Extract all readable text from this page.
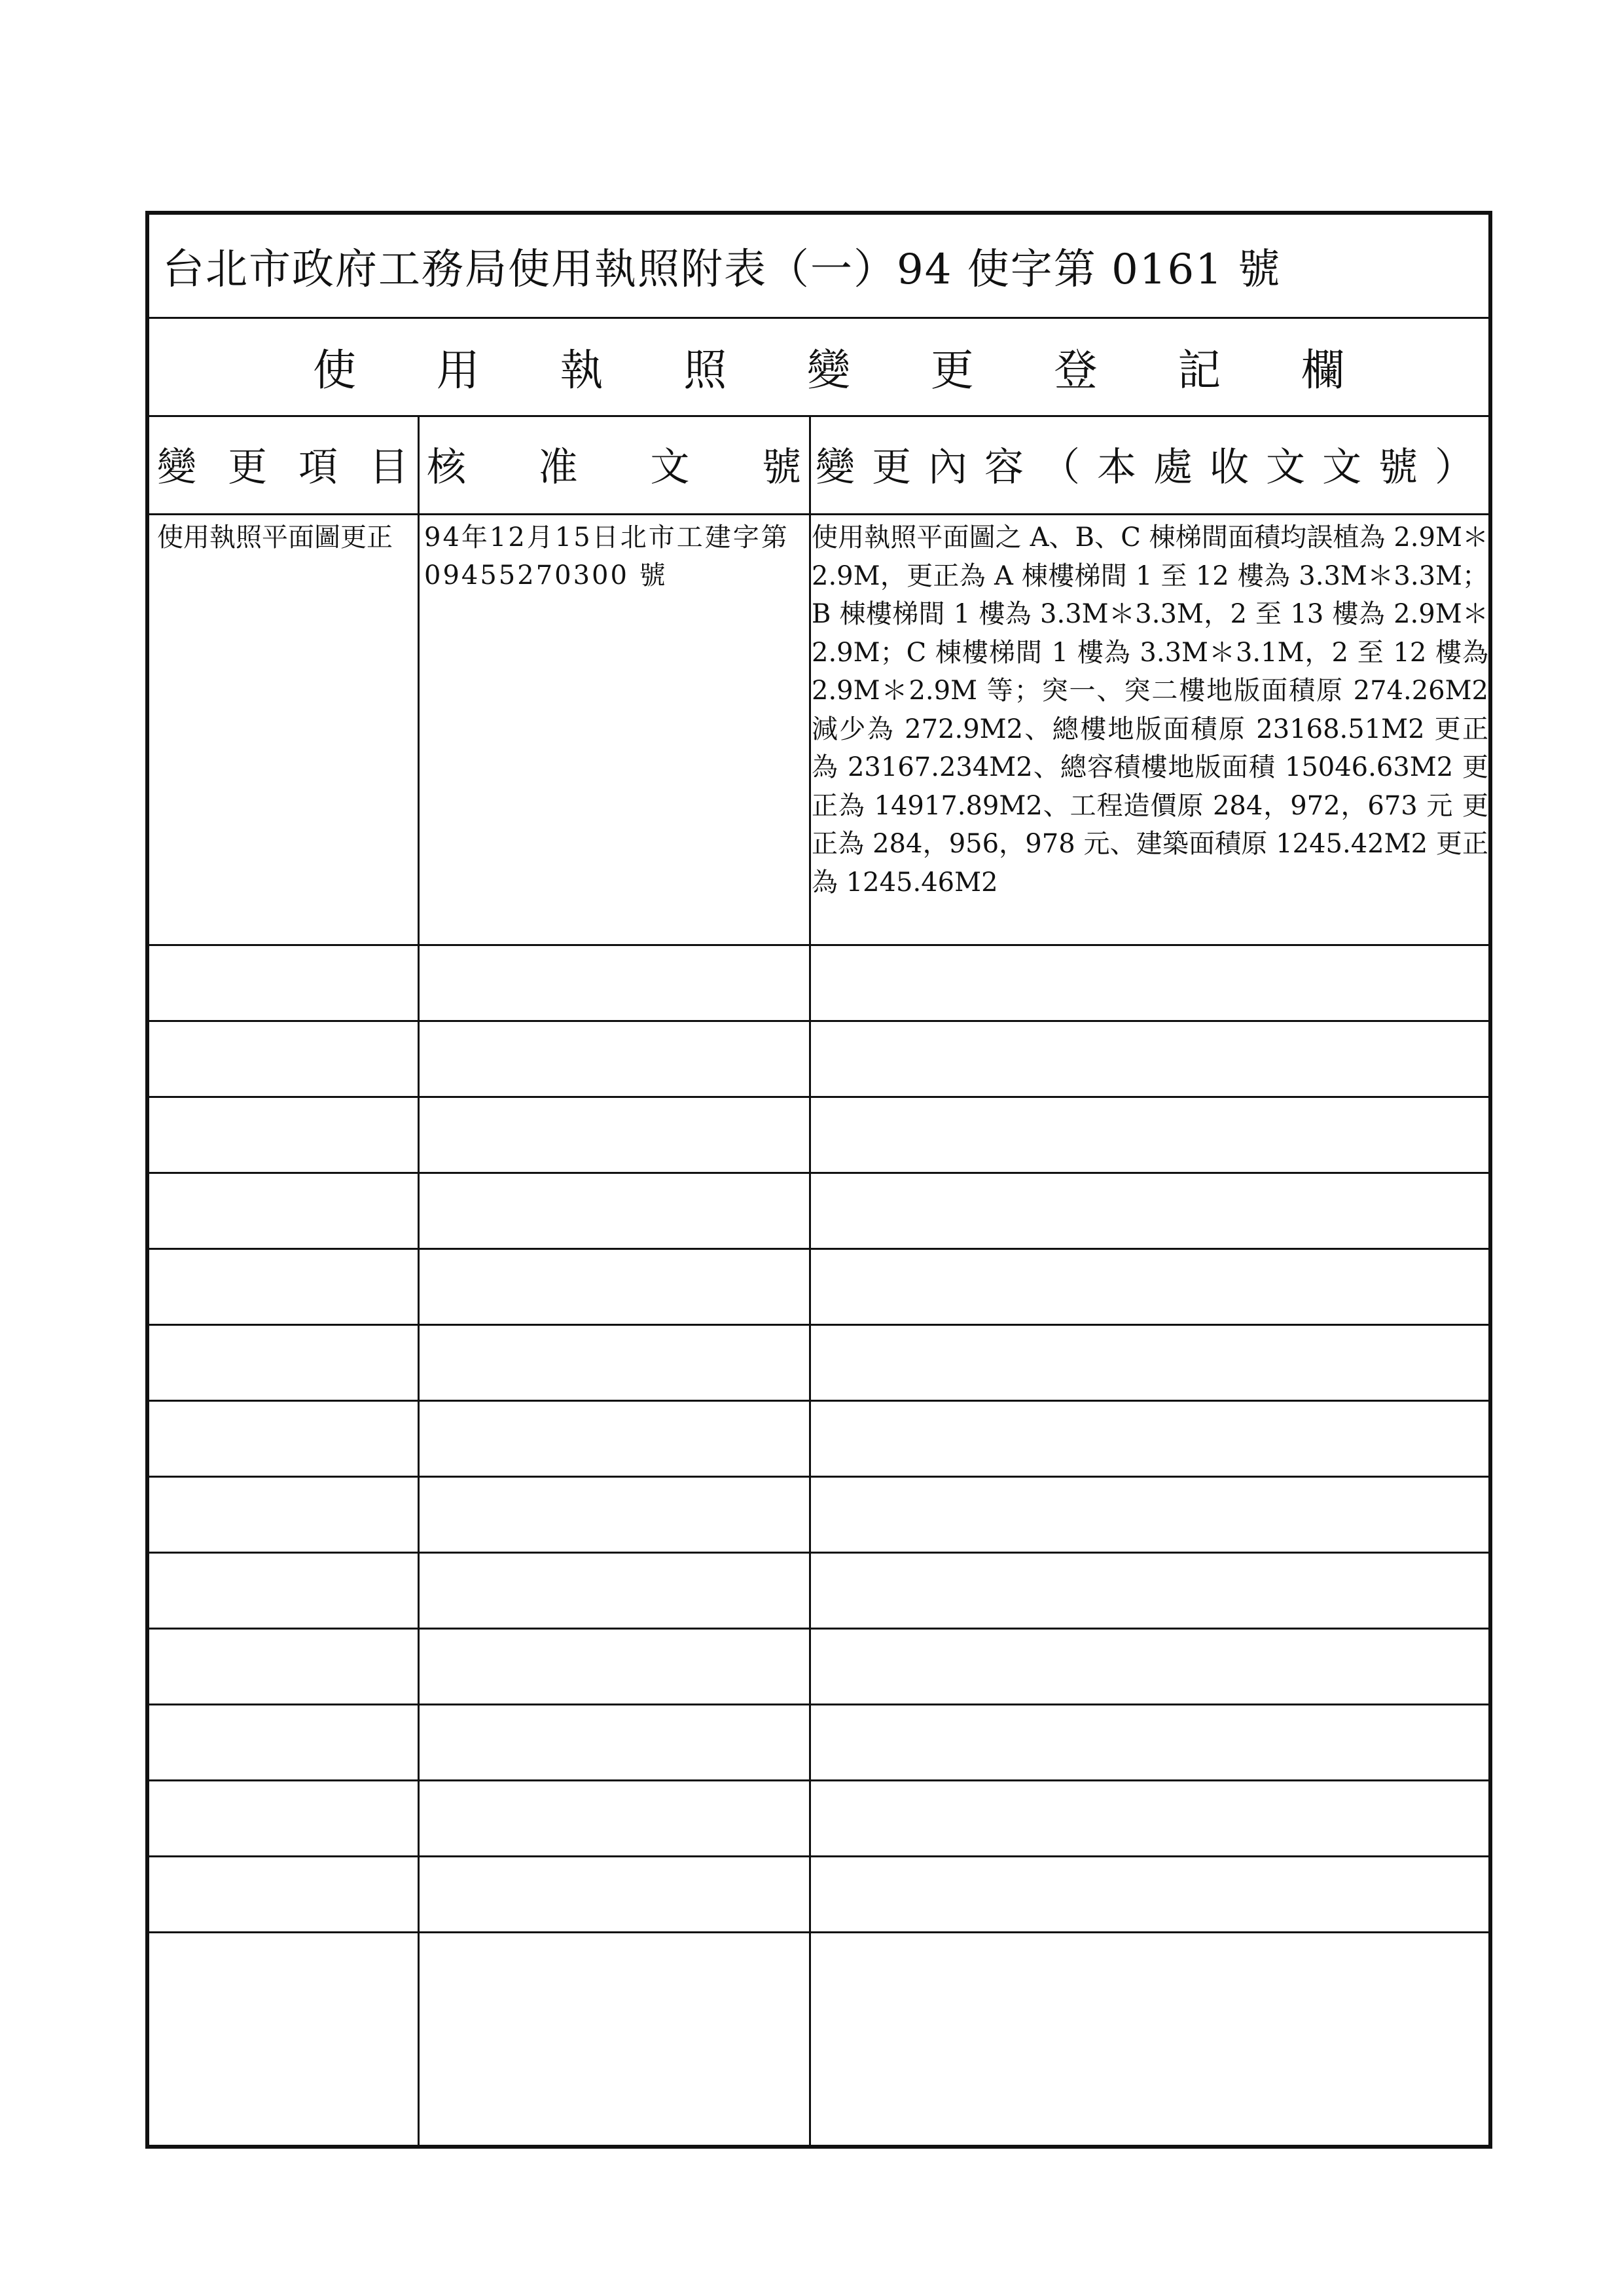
台北市政府工務局使用執照附表（一）94 使字第 0161 號
使 用 執 照 變 更 登 記 欄
變 更 項 目 核 准 文 號 變更內容（本處收文文號）
使用執照平面圖更正	94年12月15日北市工建字第 09455270300 號
使用執照平面圖之 A、B、C 棟梯間面積均誤植為 2.9M＊2.9M，更正為 A 棟樓梯間 1 至 12 樓為 3.3M＊3.3M；B 棟樓梯間 1 樓為 3.3M＊3.3M，2 至 13 樓為 2.9M＊2.9M；C 棟樓梯間 1 樓為 3.3M＊3.1M，2 至 12 樓為 2.9M＊2.9M 等；突一、突二樓地版面積原 274.26M2 減少為 272.9M2、總樓地版面積原 23168.51M2 更正為 23167.234M2、總容積樓地版面積 15046.63M2 更正為 14917.89M2、工程造價原 284，972，673 元 更正為 284，956，978 元、建築面積原 1245.42M2 更正為 1245.46M2
